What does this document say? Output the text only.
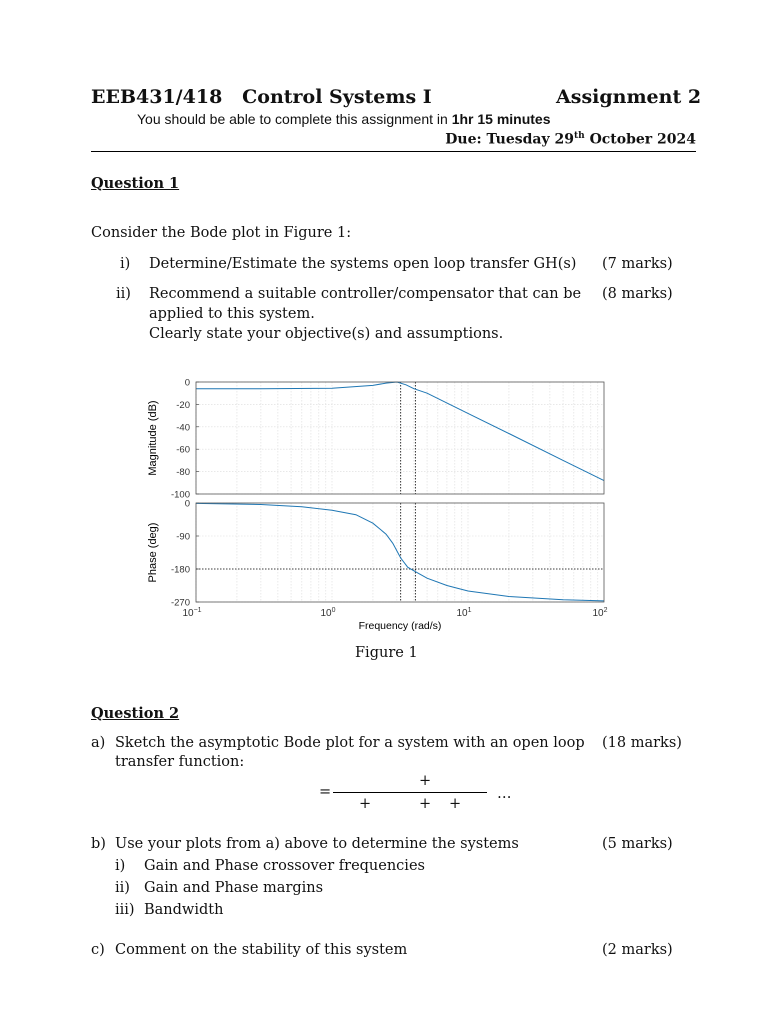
EEB431/418 Control Systems I	Assignment 2
You should be able to complete this assignment in 1hr 15 minutes
Due: Tuesday 29th October 2024
Question 1
Consider the Bode plot in Figure 1:
i) Determine/Estimate the systems open loop transfer GH(s) (7 marks)
ii) Recommend a suitable controller/compensator that can be
applied to this system.
Clearly state your objective(s) and assumptions.
(8 marks)
0
-20
-40
-60
-80
-100
0
-90
-180
-270
Phase (deg)
$10^{-1}$	$10^0$	$10^1$	$10^2$
Frequency (rad/s)
Magnitude (dB)
Figure 1
Question 2
a) Sketch the asymptotic Bode plot for a system with an open loop
transfer function:
(18 marks)
+
=
+	+ +
…
b) Use your plots from a) above to determine the systems	(5 marks)
i) Gain and Phase crossover frequencies
ii) Gain and Phase margins
iii) Bandwidth
c) Comment on the stability of this system	(2 marks)
